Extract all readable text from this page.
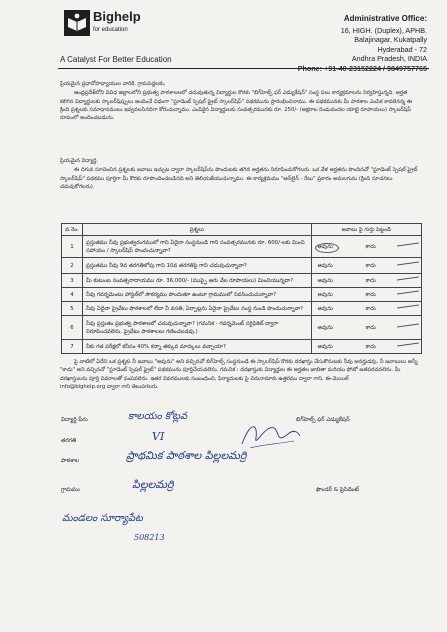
Bighelp
for education
A Catalyst For Better Education
Administrative Office:
16, HIGH. (Duplex), APHB.
Balajinagar, Kukatpally
Hyderabad - 72
Andhra Pradesh, INDIA
Phone: +91-40-23152224 / 9849757765

ప్రియమైన ప్రధానోపాధ్యాయుల వారికి, గ్రామపెద్దలకు,

ఆంధ్రప్రదేశ్‌లోని వివిధ జిల్లాలలోని ప్రభుత్వ పాఠశాలలలో చదువుతున్న విద్యార్థుల కొరకు "బిగ్‌హెల్ప్ ఫర్ ఎడ్యుకేషన్" సంస్థ పలు కార్యక్రమాలను నిర్వహిస్తున్నది. అర్హత కలిగిన విద్యార్థులకు స్కాలర్‌షిప్పులు అందించే విధంగా "స్టూడెంట్ స్పెషల్ ఫ్రైట్ స్కాలర్‌షిప్" పథకమును ప్రారంభించినాము. ఈ పథకమునకు మీ పాఠశాల ఎంపిక కావలెనన్న ఈ క్రింది ప్రశ్నలకు సమాధానములు ఇవ్వవలసినదిగా కోరుచున్నాము. ఎంపికైన విద్యార్థులకు సంవత్సరమునకు రూ. 250/- (అక్షరాల రెండువందల యాభై రూపాయలు) స్కాలర్‌షిప్ రూపంలో అందించబడును.

ప్రియమైన విద్యార్థి,

ఈ దిగువ సూచించిన ప్రశ్నలకు జవాబు ఇచ్చుట ద్వారా స్కాలర్‌షిప్‌ను పొందుటకు తగిన అర్హతను నిరూపించుకోగలరు. ఒక వేళ అర్హతను పొందినచో "స్టూడెంట్ స్పెషల్ ఫ్రైట్ స్కాలర్‌షిప్" పథకము పూర్తిగా మీ కొరకు రూపొందించబడినది అని తెలియజేయుచున్నాము. ఈ కార్యక్రమము "ఆన్‌లైన్ - రేటు" ప్రకారం అమలగును (క్రింది సూచనలు చదువుకోగలరు).

వ.నెం.	ప్రశ్నలు	జవాబు పై గుర్తు పెట్టండి
1	ప్రస్తుతము నీవు ప్రభుత్వరంగములో గాని ఏదైనా సంస్థనుండి గాని సంవత్సరమునకు రూ. 600/-లకు మించి సహాయం / స్కాలర్‌షిప్ పొందుచున్నావా?	అవును కాదు

2	ప్రస్తుతము నీవు 9వ తరగతిలోపు గాని 10వ తరగతిపై గాని చదువుచున్నావా?	అవును కాదు

3	మీ కుటుంబ సంవత్సరాదాయము రూ. 36,000/- (ముప్పై ఆరు వేల రూపాయలు) మించియున్నదా?	అవును కాదు

4	నీవు గవర్నమెంటు హాస్టల్‌లో సౌకర్యము పొందుతూ ఉంటూ గ్రామములో నివసించుచున్నావా?	అవును కాదు

5	నీవు ఏదైనా ప్రైవేటు పాఠశాలలో లేదా నీ వసతి, ఏర్పాట్లను ఏదైనా ప్రైవేటు సంస్థ నుండి పొందుచున్నావా?	అవును కాదు

6	నీవు ప్రస్తుతం ప్రభుత్వ పాఠశాలలో చదువుచున్నావా? (గమనిక - గవర్నమెంట్ సర్టిఫికెట్ ద్వారా నిరూపించవలెను, ప్రైవేటు పాఠశాలలు గణించబడవు.)	అవును కాదు

7	నీకు గత పరీక్షలో కనీసం 40% కన్నా తక్కువ మార్కులు వచ్చాయా?	అవును కాదు

పై వాటిలో ఏదేని ఒక ప్రశ్నకు నీ జవాబు "అవును" అని వచ్చినచో బిగ్‌హెల్ప్ సంస్థనుండి ఈ స్కాలర్‌షిప్ కొరకు దరఖాస్తు చేసుకొనుటకు నీవు అనర్హుడవు. నీ జవాబులు అన్నీ "కాదు" అని వచ్చినచో "స్టూడెంట్ స్పెషల్ ఫ్రైట్" పథకమును పూర్తిచేయవలెను. గమనిక : దరఖాస్తుకు విద్యార్థుల ఈ అర్హతల జాబితా మరియు ఫోటో జతపరచవలెను. మీ దరఖాస్తులను పూర్తి వివరాలతో పంపవలెను. ఇతర వివరములకు సంబంధించి, ఫిర్యాదులకు పై చిరునామాకు ఉత్తరము ద్వారా గాని, ఈ-మెయిల్

info@bighelp.org ద్వారా గాని తెలుపగలరు.

విద్యార్థి పేరు	కాలయం కోట్లవ
తరగతి	VI
పాఠశాల	ప్రాథమిక పాఠశాల పిల్లలమర్రి
గ్రామము	పిల్లలమర్రి
మండలం సూర్యాపేట
508213
బిగ్‌హెల్ప్ ఫర్ ఎడ్యుకేషన్
ఫౌండర్ & ప్రెసిడెంట్
